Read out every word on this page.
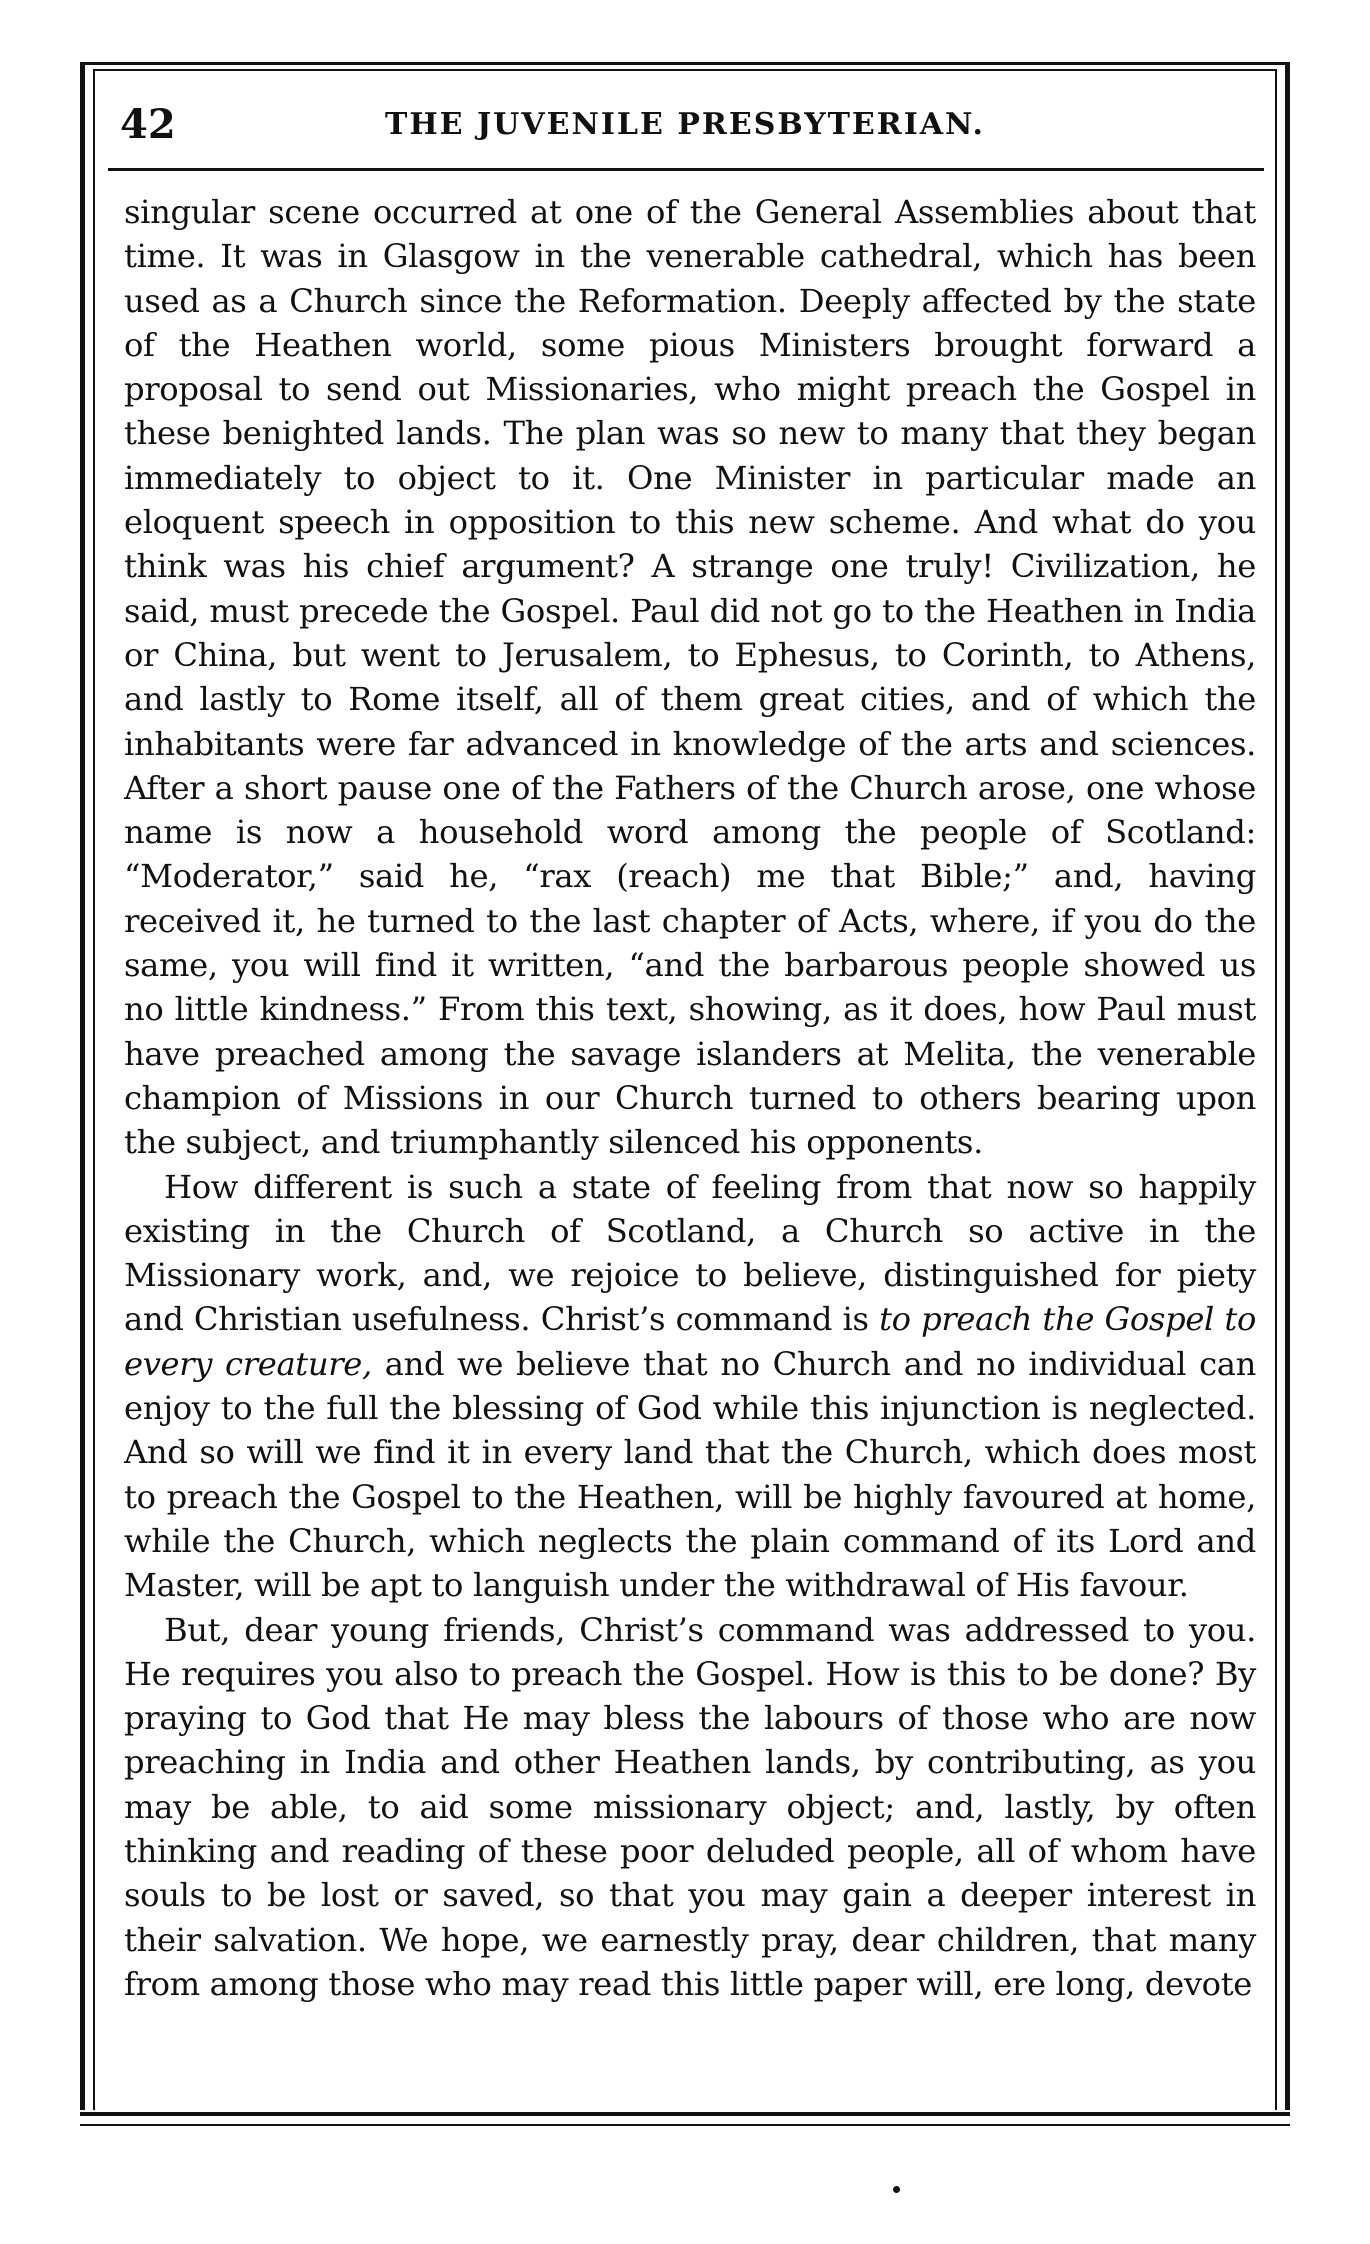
42	THE JUVENILE PRESBYTERIAN.

singular scene occurred at one of the General Assemblies about that time. It was in Glasgow in the venerable cathedral, which has been used as a Church since the Reformation. Deeply affected by the state of the Heathen world, some pious Ministers brought forward a proposal to send out Missionaries, who might preach the Gospel in these benighted lands. The plan was so new to many that they began immediately to object to it. One Minister in particular made an eloquent speech in opposition to this new scheme. And what do you think was his chief argument? A strange one truly! Civilization, he said, must precede the Gospel. Paul did not go to the Heathen in India or China, but went to Jerusalem, to Ephesus, to Corinth, to Athens, and lastly to Rome itself, all of them great cities, and of which the inhabitants were far advanced in knowledge of the arts and sciences. After a short pause one of the Fathers of the Church arose, one whose name is now a household word among the people of Scotland: “Moderator,” said he, “rax (reach) me that Bible;” and, having received it, he turned to the last chapter of Acts, where, if you do the same, you will find it written, “and the barbarous people showed us no little kindness.” From this text, showing, as it does, how Paul must have preached among the savage islanders at Melita, the venerable champion of Missions in our Church turned to others bearing upon the subject, and triumphantly silenced his opponents.

How different is such a state of feeling from that now so happily existing in the Church of Scotland, a Church so active in the Missionary work, and, we rejoice to believe, distinguished for piety and Christian usefulness. Christ’s command is to preach the Gospel to every creature, and we believe that no Church and no individual can enjoy to the full the blessing of God while this injunction is neglected. And so will we find it in every land that the Church, which does most to preach the Gospel to the Heathen, will be highly favoured at home, while the Church, which neglects the plain command of its Lord and Master, will be apt to languish under the withdrawal of His favour.

But, dear young friends, Christ’s command was addressed to you. He requires you also to preach the Gospel. How is this to be done? By praying to God that He may bless the labours of those who are now preaching in India and other Heathen lands, by contributing, as you may be able, to aid some missionary object; and, lastly, by often thinking and reading of these poor deluded people, all of whom have souls to be lost or saved, so that you may gain a deeper interest in their salvation. We hope, we earnestly pray, dear children, that many from among those who may read this little paper will, ere long, devote
